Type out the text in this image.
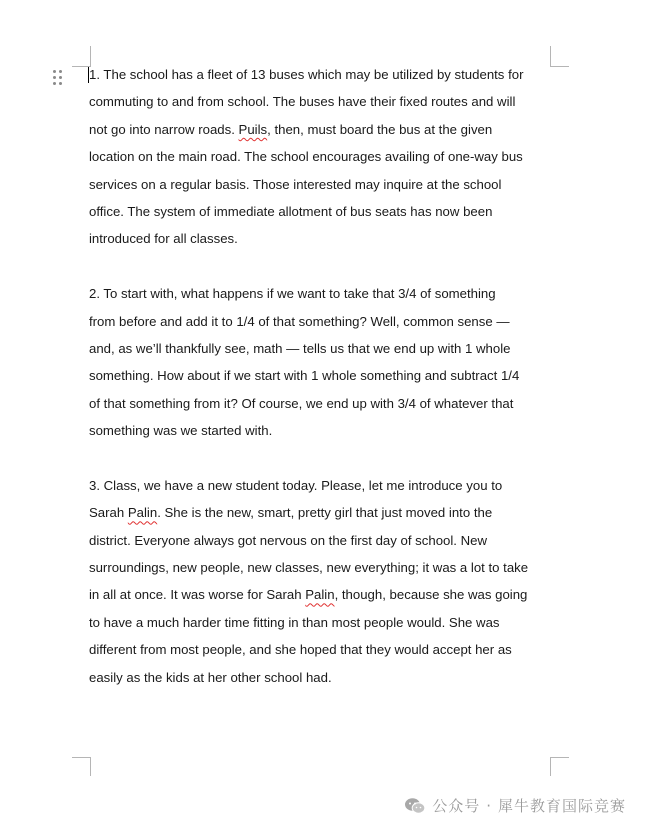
1. The school has a fleet of 13 buses which may be utilized by students for
commuting to and from school. The buses have their fixed routes and will
not go into narrow roads. Puils, then, must board the bus at the given
location on the main road. The school encourages availing of one-way bus
services on a regular basis. Those interested may inquire at the school
office. The system of immediate allotment of bus seats has now been
introduced for all classes.

2. To start with, what happens if we want to take that 3/4 of something
from before and add it to 1/4 of that something? Well, common sense —
and, as we’ll thankfully see, math — tells us that we end up with 1 whole
something. How about if we start with 1 whole something and subtract 1/4
of that something from it? Of course, we end up with 3/4 of whatever that
something was we started with.

3. Class, we have a new student today. Please, let me introduce you to
Sarah Palin. She is the new, smart, pretty girl that just moved into the
district. Everyone always got nervous on the first day of school. New
surroundings, new people, new classes, new everything; it was a lot to take
in all at once. It was worse for Sarah Palin, though, because she was going
to have a much harder time fitting in than most people would. She was
different from most people, and she hoped that they would accept her as
easily as the kids at her other school had.

公众号 · 犀牛教育国际竞赛
